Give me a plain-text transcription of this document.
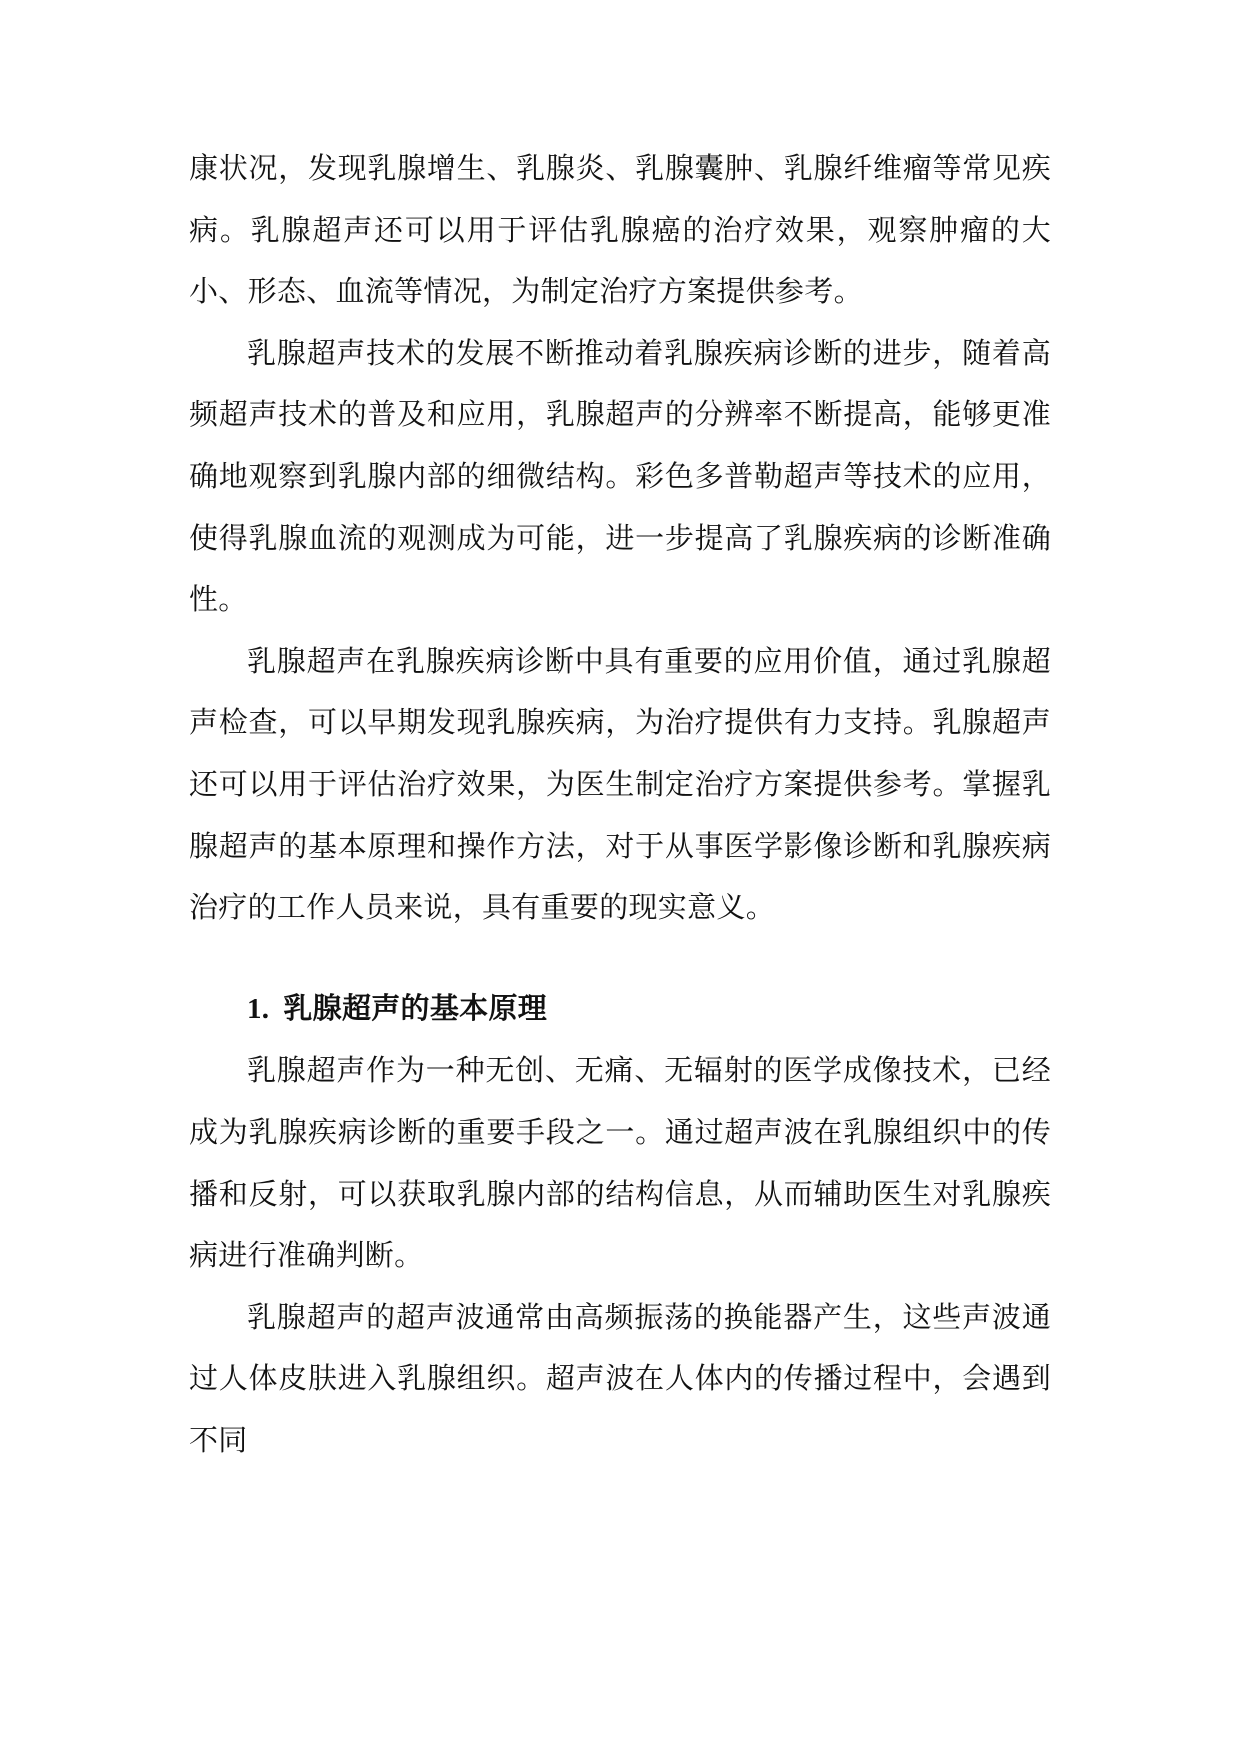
康状况，发现乳腺增生、乳腺炎、乳腺囊肿、乳腺纤维瘤等常见疾病。乳腺超声还可以用于评估乳腺癌的治疗效果，观察肿瘤的大小、形态、血流等情况，为制定治疗方案提供参考。

乳腺超声技术的发展不断推动着乳腺疾病诊断的进步，随着高频超声技术的普及和应用，乳腺超声的分辨率不断提高，能够更准确地观察到乳腺内部的细微结构。彩色多普勒超声等技术的应用，使得乳腺血流的观测成为可能，进一步提高了乳腺疾病的诊断准确性。

乳腺超声在乳腺疾病诊断中具有重要的应用价值，通过乳腺超声检查，可以早期发现乳腺疾病，为治疗提供有力支持。乳腺超声还可以用于评估治疗效果，为医生制定治疗方案提供参考。掌握乳腺超声的基本原理和操作方法，对于从事医学影像诊断和乳腺疾病治疗的工作人员来说，具有重要的现实意义。

1. 乳腺超声的基本原理

乳腺超声作为一种无创、无痛、无辐射的医学成像技术，已经成为乳腺疾病诊断的重要手段之一。通过超声波在乳腺组织中的传播和反射，可以获取乳腺内部的结构信息，从而辅助医生对乳腺疾病进行准确判断。

乳腺超声的超声波通常由高频振荡的换能器产生，这些声波通过人体皮肤进入乳腺组织。超声波在人体内的传播过程中，会遇到不同
